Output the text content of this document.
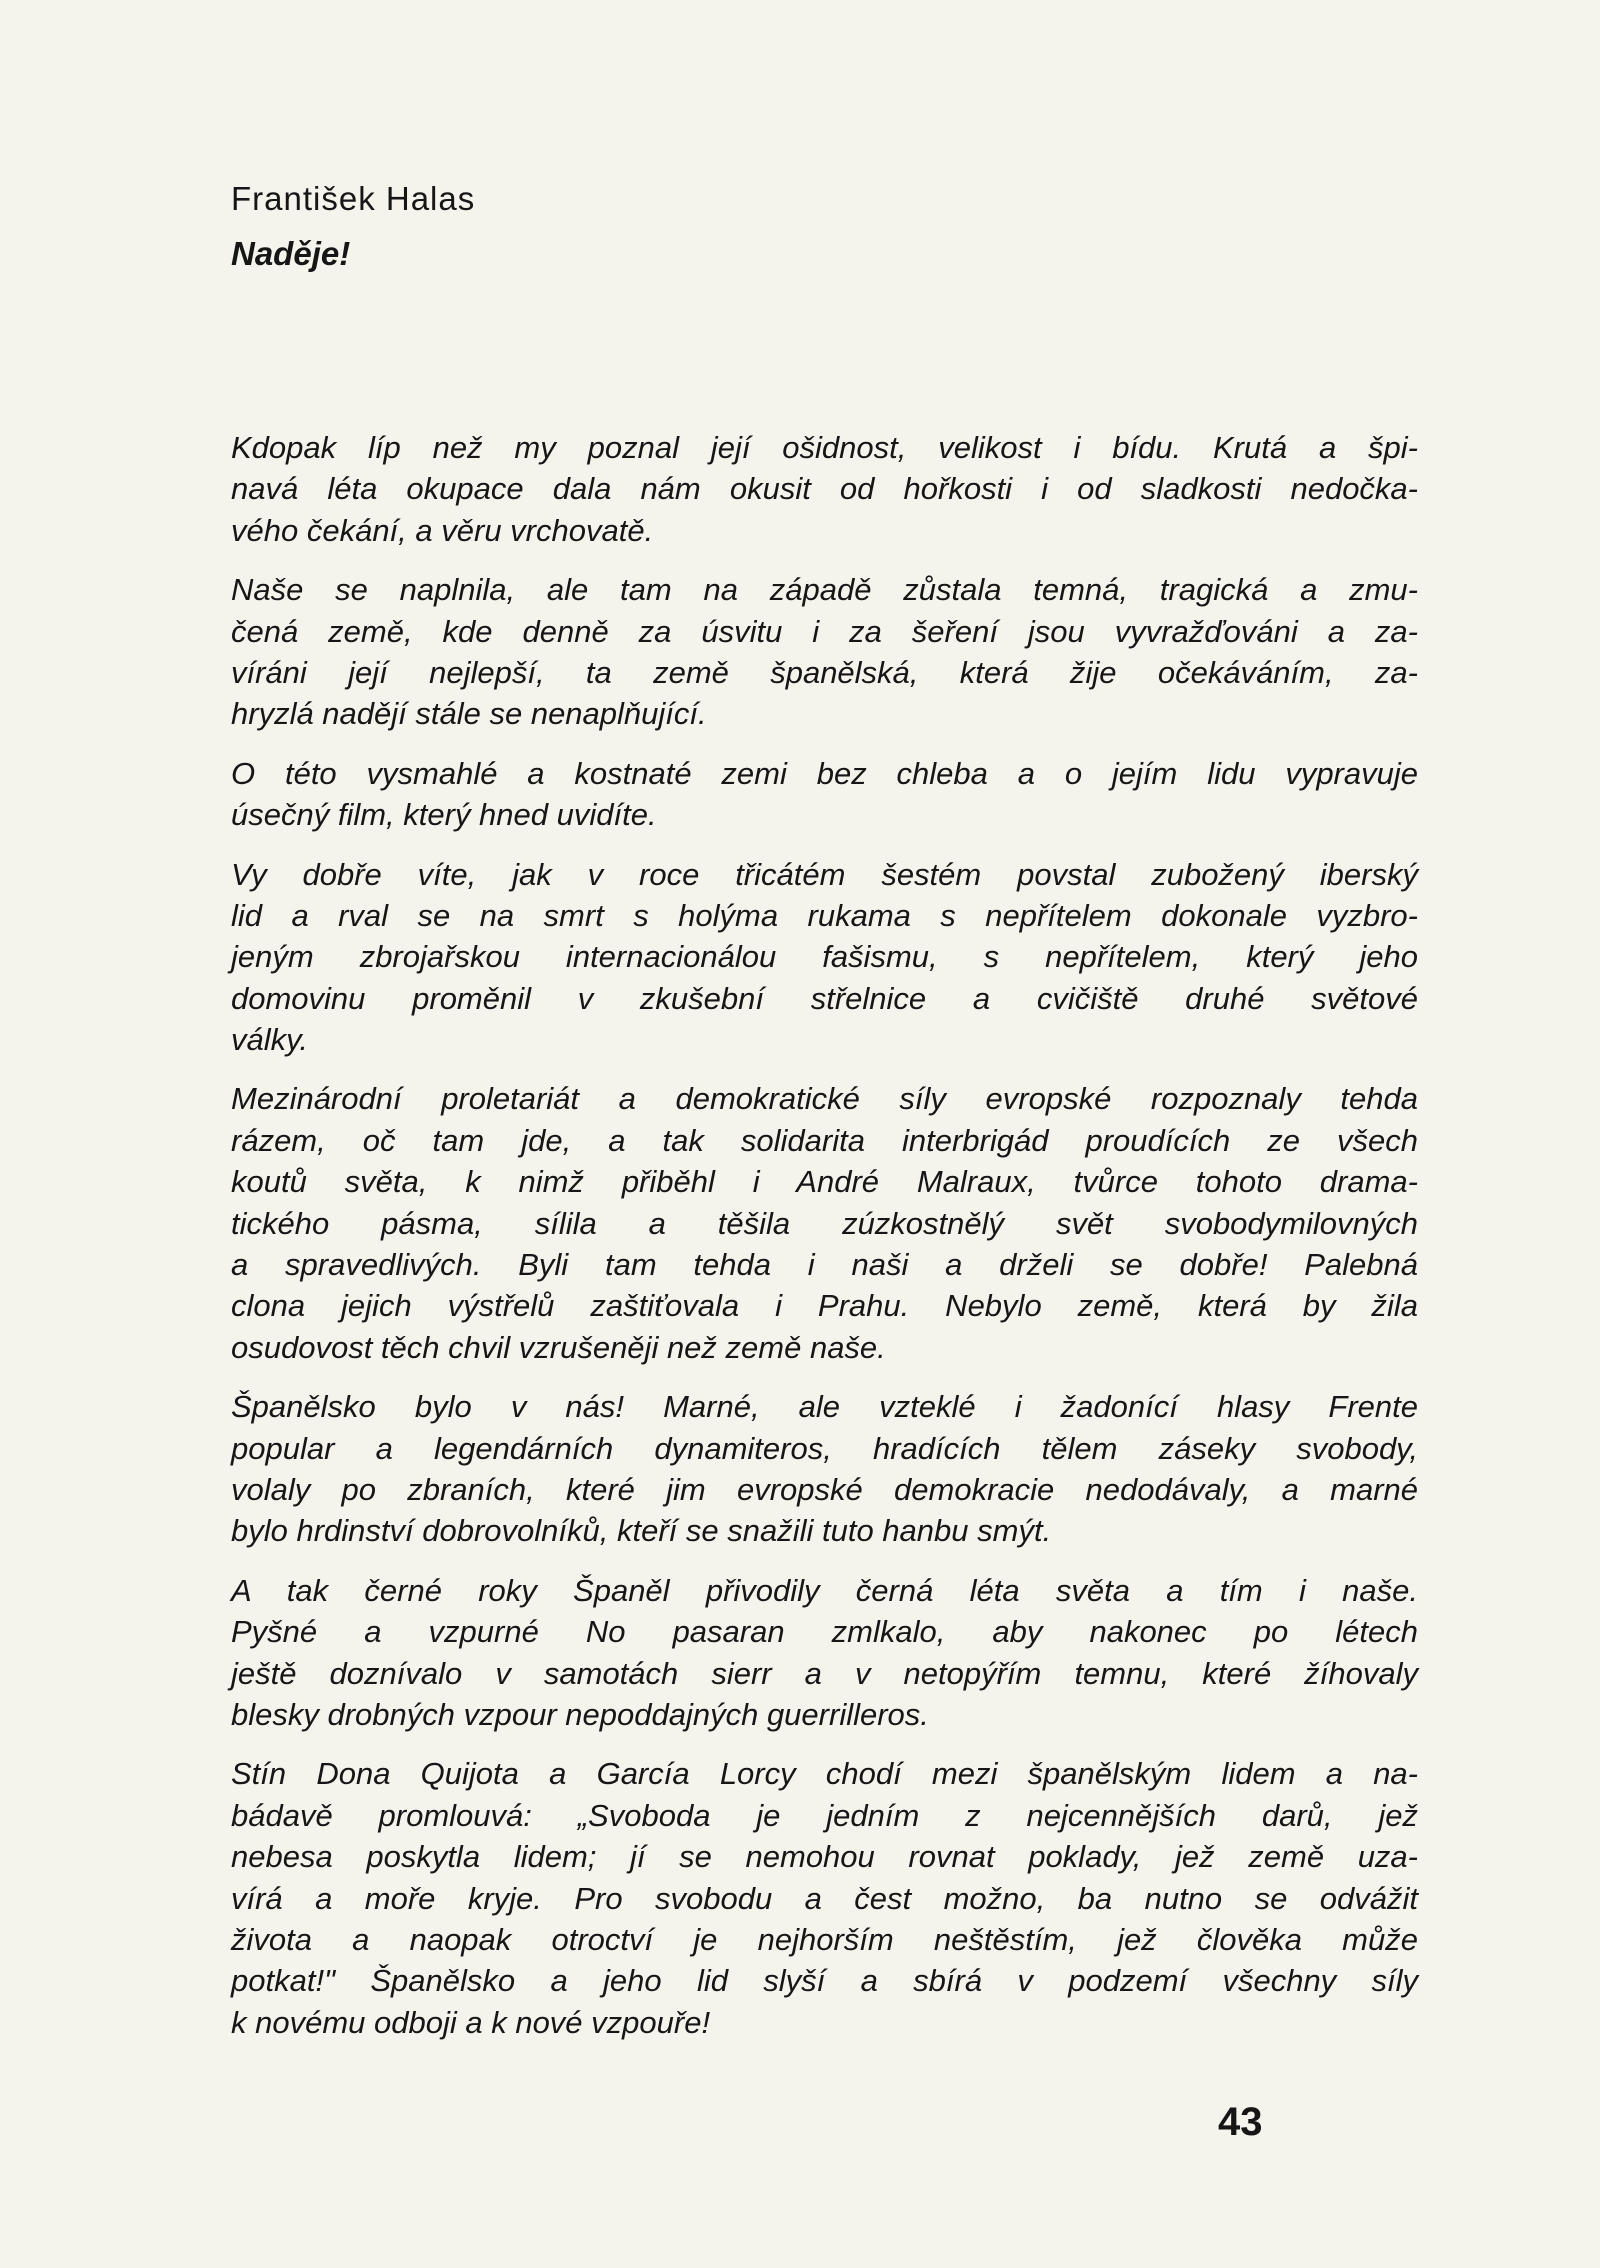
František Halas
Naděje!
Kdopak líp než my poznal její ošidnost, velikost i bídu. Krutá a špi-
navá léta okupace dala nám okusit od hořkosti i od sladkosti nedočka-
vého čekání, a věru vrchovatě.
Naše se naplnila, ale tam na západě zůstala temná, tragická a zmu-
čená země, kde denně za úsvitu i za šeření jsou vyvražďováni a za-
víráni její nejlepší, ta země španělská, která žije očekáváním, za-
hryzlá nadějí stále se nenaplňující.
O této vysmahlé a kostnaté zemi bez chleba a o jejím lidu vypravuje
úsečný film, který hned uvidíte.
Vy dobře víte, jak v roce třicátém šestém povstal zubožený iberský
lid a rval se na smrt s holýma rukama s nepřítelem dokonale vyzbro-
jeným zbrojařskou internacionálou fašismu, s nepřítelem, který jeho
domovinu proměnil v zkušební střelnice a cvičiště druhé světové
války.
Mezinárodní proletariát a demokratické síly evropské rozpoznaly tehda
rázem, oč tam jde, a tak solidarita interbrigád proudících ze všech
koutů světa, k nimž přiběhl i André Malraux, tvůrce tohoto drama-
tického pásma, sílila a těšila zúzkostnělý svět svobodymilovných
a spravedlivých. Byli tam tehda i naši a drželi se dobře! Palebná
clona jejich výstřelů zaštiťovala i Prahu. Nebylo země, která by žila
osudovost těch chvil vzrušeněji než země naše.
Španělsko bylo v nás! Marné, ale vzteklé i žadonící hlasy Frente
popular a legendárních dynamiteros, hradících tělem záseky svobody,
volaly po zbraních, které jim evropské demokracie nedodávaly, a marné
bylo hrdinství dobrovolníků, kteří se snažili tuto hanbu smýt.
A tak černé roky Španěl přivodily černá léta světa a tím i naše.
Pyšné a vzpurné No pasaran zmlkalo, aby nakonec po létech
ještě doznívalo v samotách sierr a v netopýřím temnu, které žíhovaly
blesky drobných vzpour nepoddajných guerrilleros.
Stín Dona Quijota a García Lorcy chodí mezi španělským lidem a na-
bádavě promlouvá: „Svoboda je jedním z nejcennějších darů, jež
nebesa poskytla lidem; jí se nemohou rovnat poklady, jež země uza-
vírá a moře kryje. Pro svobodu a čest možno, ba nutno se odvážit
života a naopak otroctví je nejhorším neštěstím, jež člověka může
potkat!" Španělsko a jeho lid slyší a sbírá v podzemí všechny síly
k novému odboji a k nové vzpouře!
43
